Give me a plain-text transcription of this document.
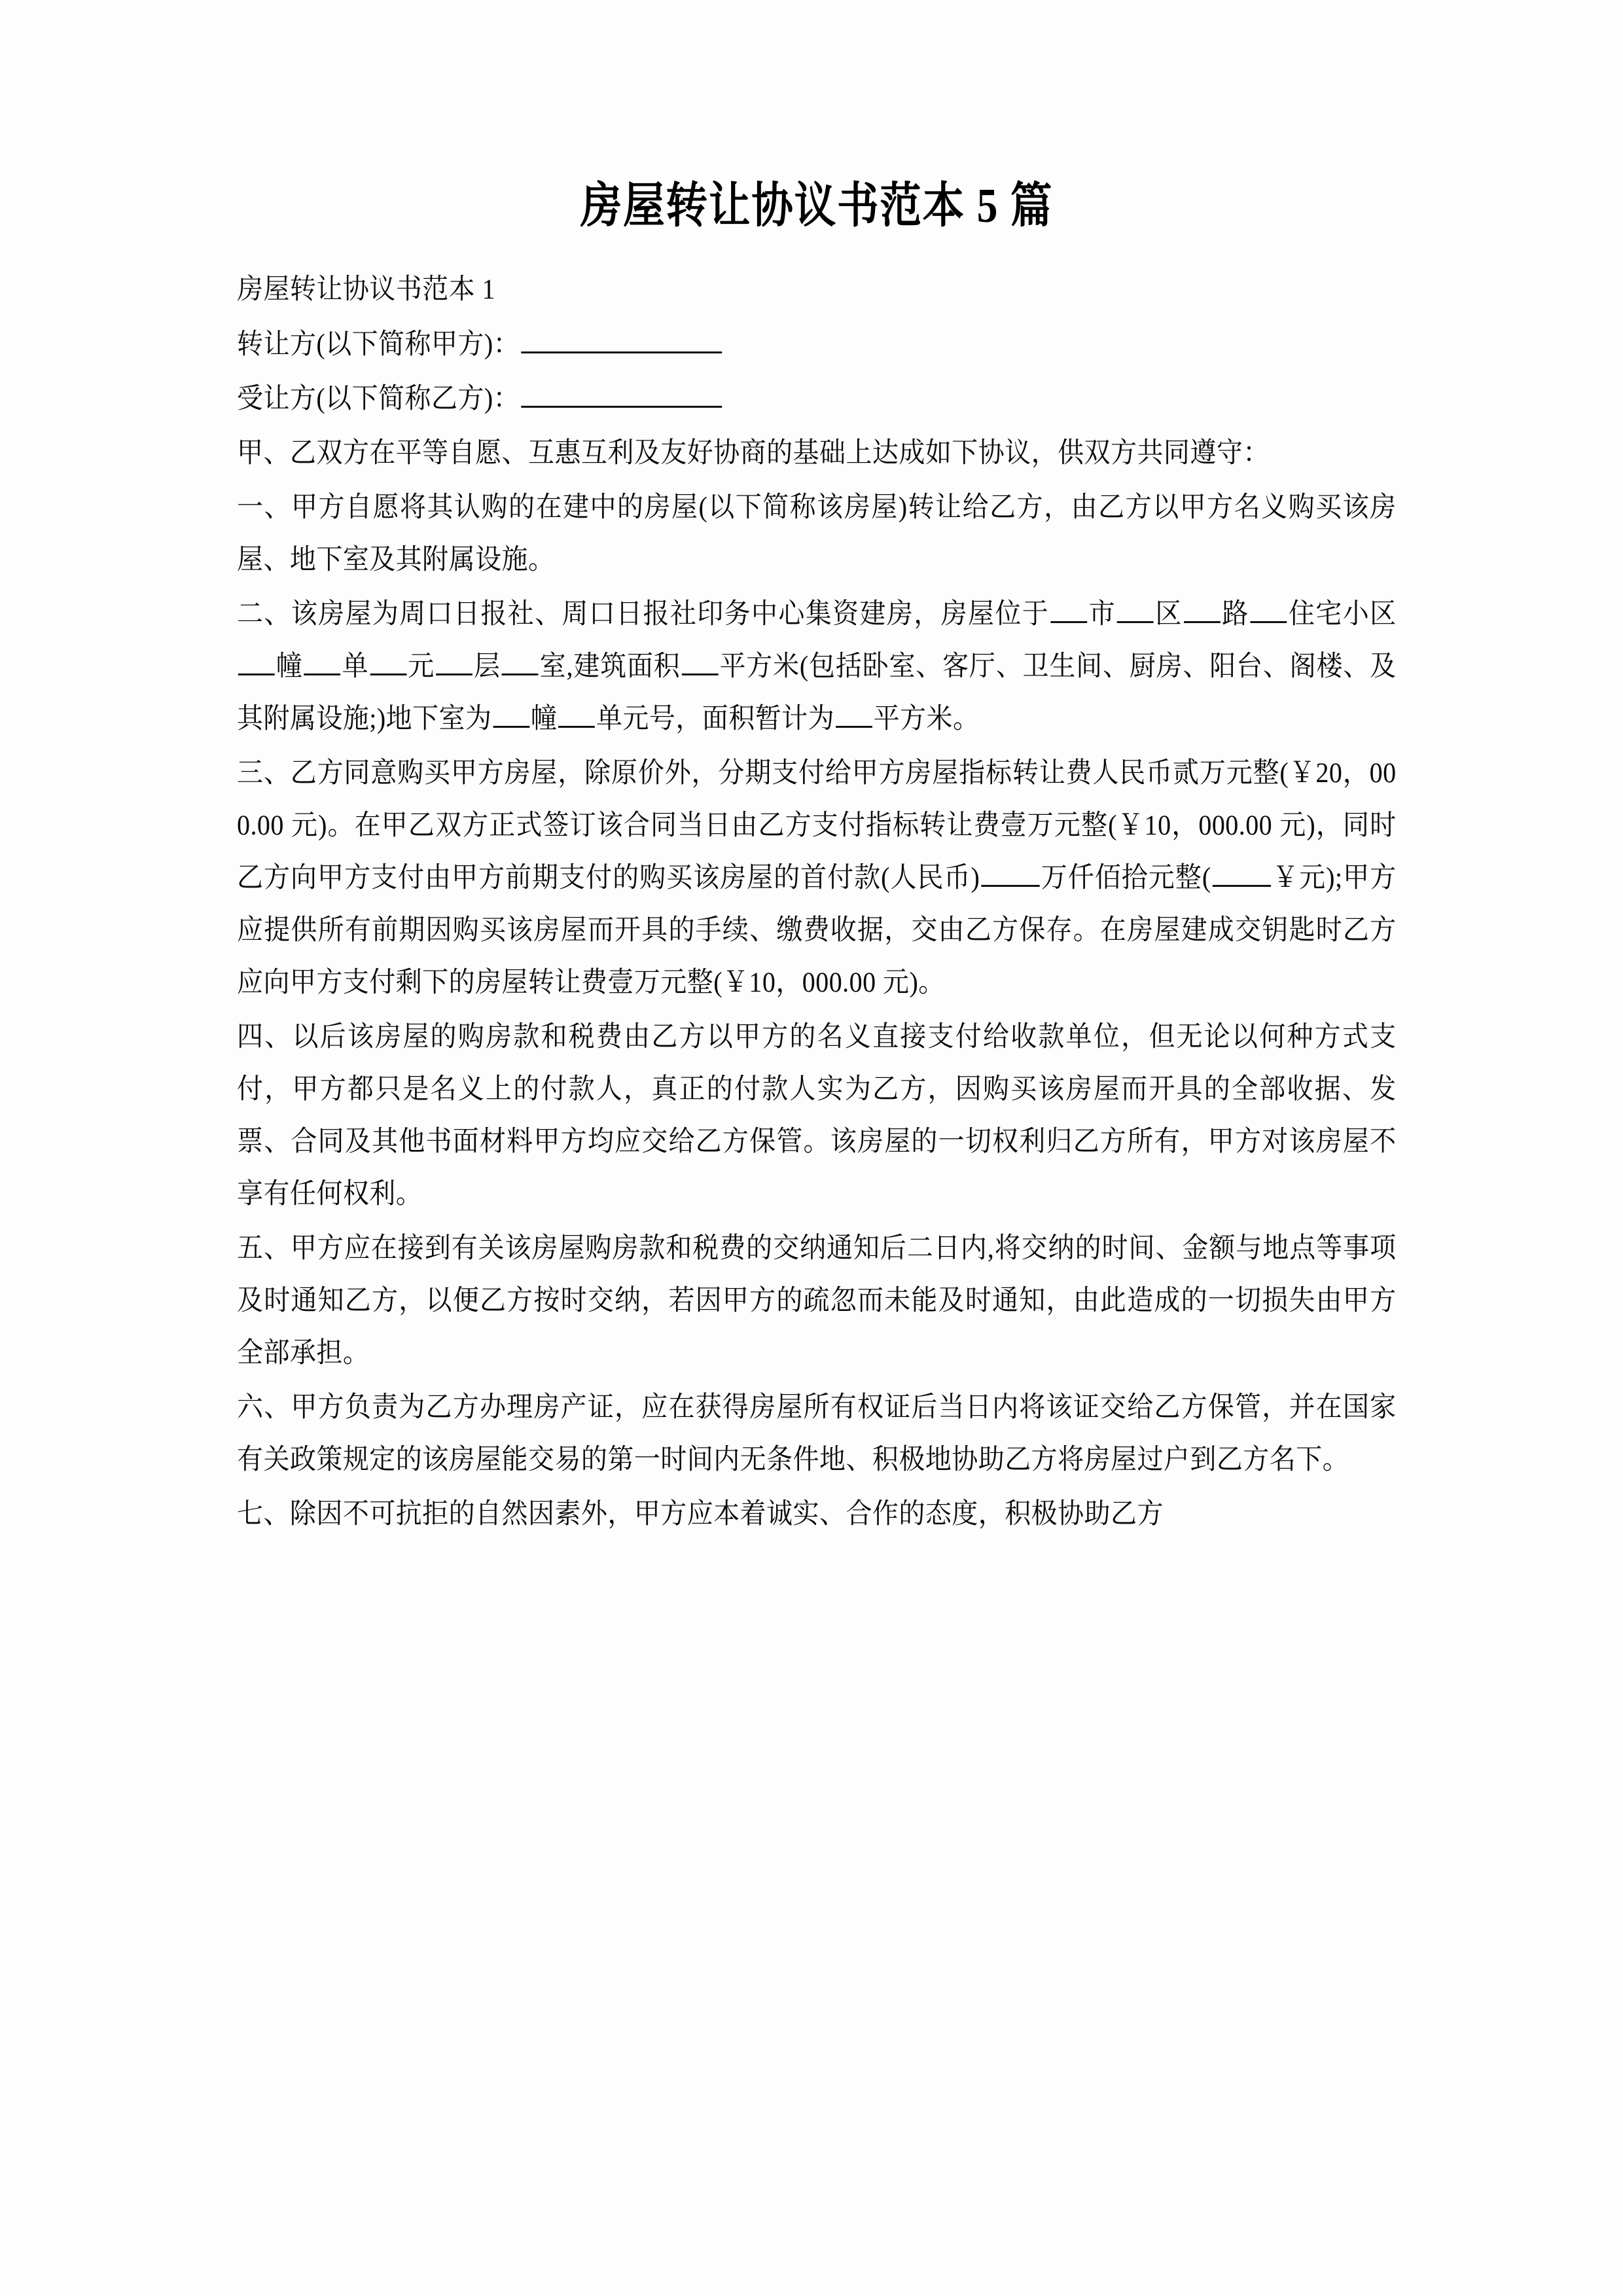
房屋转让协议书范本 5 篇

房屋转让协议书范本 1

转让方(以下简称甲方)：

受让方(以下简称乙方)：

甲、乙双方在平等自愿、互惠互利及友好协商的基础上达成如下协议，供双方共同遵守：

一、甲方自愿将其认购的在建中的房屋(以下简称该房屋)转让给乙方，由乙方以甲方名义购买该房屋、地下室及其附属设施。

二、该房屋为周口日报社、周口日报社印务中心集资建房，房屋位于 市 区 路 住宅小区幢 单 元 层 室,建筑面积 平方米(包括卧室、客厅、卫生间、厨房、阳台、阁楼、及其附属设施;)地下室为 幢 单元号，面积暂计为 平方米。

三、乙方同意购买甲方房屋，除原价外，分期支付给甲方房屋指标转让费人民币贰万元整(￥20，000.00 元)。在甲乙双方正式签订该合同当日由乙方支付指标转让费壹万元整(￥10，000.00 元)，同时乙方向甲方支付由甲方前期支付的购买该房屋的首付款(人民币) 万仟佰拾元整( ￥元);甲方应提供所有前期因购买该房屋而开具的手续、缴费收据，交由乙方保存。在房屋建成交钥匙时乙方应向甲方支付剩下的房屋转让费壹万元整(￥10，000.00 元)。

四、以后该房屋的购房款和税费由乙方以甲方的名义直接支付给收款单位，但无论以何种方式支付，甲方都只是名义上的付款人，真正的付款人实为乙方，因购买该房屋而开具的全部收据、发票、合同及其他书面材料甲方均应交给乙方保管。该房屋的一切权利归乙方所有，甲方对该房屋不享有任何权利。

五、甲方应在接到有关该房屋购房款和税费的交纳通知后二日内,将交纳的时间、金额与地点等事项及时通知乙方，以便乙方按时交纳，若因甲方的疏忽而未能及时通知，由此造成的一切损失由甲方全部承担。

六、甲方负责为乙方办理房产证，应在获得房屋所有权证后当日内将该证交给乙方保管，并在国家有关政策规定的该房屋能交易的第一时间内无条件地、积极地协助乙方将房屋过户到乙方名下。

七、除因不可抗拒的自然因素外，甲方应本着诚实、合作的态度，积极协助乙方
